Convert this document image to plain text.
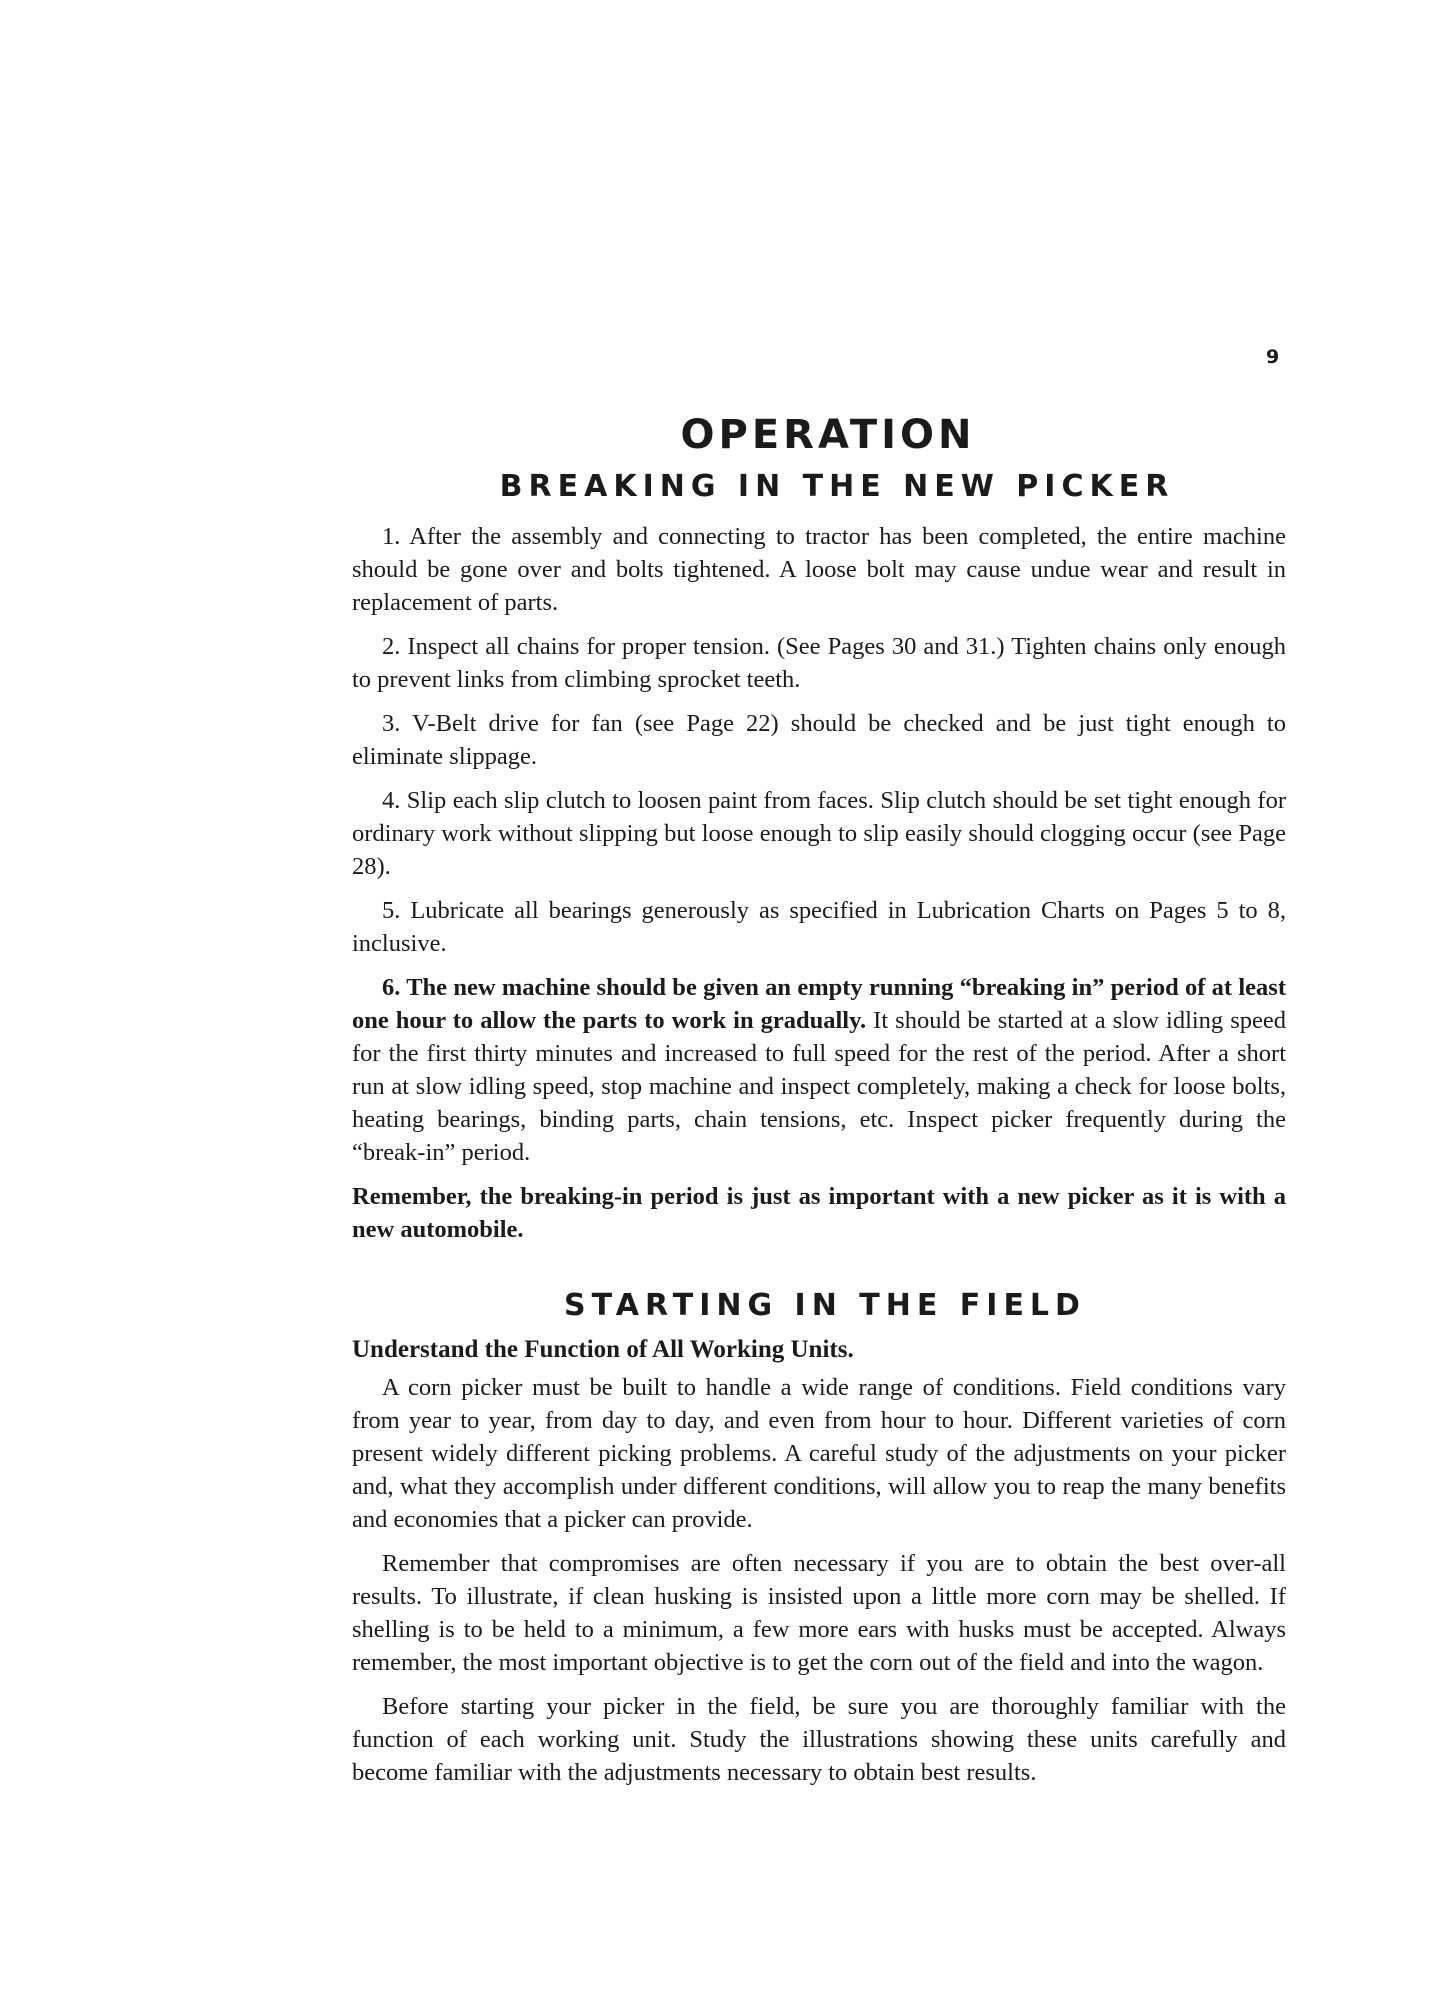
9
OPERATION
BREAKING IN THE NEW PICKER

1. After the assembly and connecting to tractor has been completed, the entire machine should be gone over and bolts tightened. A loose bolt may cause undue wear and result in replacement of parts.

2. Inspect all chains for proper tension. (See Pages 30 and 31.) Tighten chains only enough to prevent links from climbing sprocket teeth.

3. V-Belt drive for fan (see Page 22) should be checked and be just tight enough to eliminate slippage.

4. Slip each slip clutch to loosen paint from faces. Slip clutch should be set tight enough for ordinary work without slipping but loose enough to slip easily should clogging occur (see Page 28).

5. Lubricate all bearings generously as specified in Lubrication Charts on Pages 5 to 8, inclusive.

6. The new machine should be given an empty running “breaking in” period of at least one hour to allow the parts to work in gradually. It should be started at a slow idling speed for the first thirty minutes and increased to full speed for the rest of the period. After a short run at slow idling speed, stop machine and inspect completely, making a check for loose bolts, heating bearings, binding parts, chain tensions, etc. Inspect picker frequently during the “break-in” period.

Remember, the breaking-in period is just as important with a new picker as it is with a new automobile.

STARTING IN THE FIELD

Understand the Function of All Working Units.

A corn picker must be built to handle a wide range of conditions. Field conditions vary from year to year, from day to day, and even from hour to hour. Different varieties of corn present widely different picking problems. A careful study of the adjustments on your picker and, what they accomplish under different conditions, will allow you to reap the many benefits and economies that a picker can provide.

Remember that compromises are often necessary if you are to obtain the best over-all results. To illustrate, if clean husking is insisted upon a little more corn may be shelled. If shelling is to be held to a minimum, a few more ears with husks must be accepted. Always remember, the most important objective is to get the corn out of the field and into the wagon.

Before starting your picker in the field, be sure you are thoroughly familiar with the function of each working unit. Study the illustrations showing these units carefully and become familiar with the adjustments necessary to obtain best results.
